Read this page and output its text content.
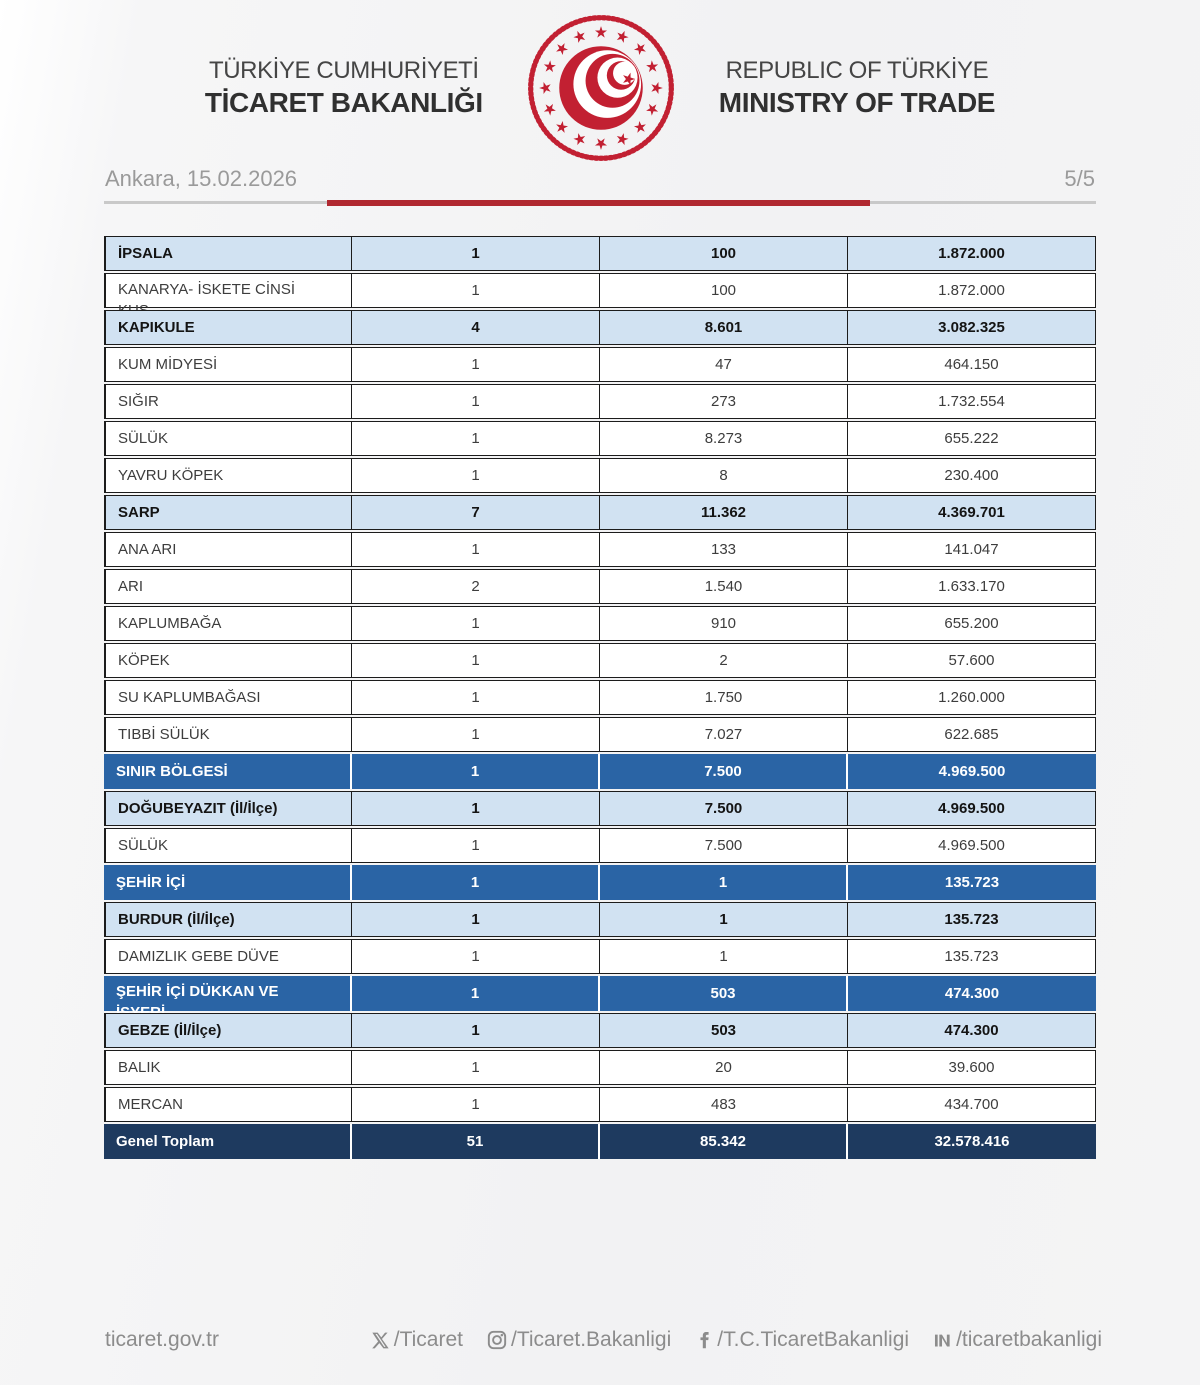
TÜRKİYE CUMHURİYETİ
TİCARET BAKANLIĞI
REPUBLIC OF TÜRKİYE
MINISTRY OF TRADE
Ankara, 15.02.2026	5/5
İPSALA	1	100	1.872.000
KANARYA- İSKETE CİNSİ	1	100	1.872.000
KAPIKULE	4	8.601	3.082.325
KUM MİDYESİ	1	47	464.150
SIĞIR	1	273	1.732.554
SÜLÜK	1	8.273	655.222
YAVRU KÖPEK	1	8	230.400
SARP	7	11.362	4.369.701
ANA ARI	1	133	141.047
ARI	2	1.540	1.633.170
KAPLUMBAĞA	1	910	655.200
KÖPEK	1	2	57.600
SU KAPLUMBAĞASI	1	1.750	1.260.000
TIBBİ SÜLÜK	1	7.027	622.685
SINIR BÖLGESİ	1	7.500	4.969.500
DOĞUBEYAZIT (İl/İlçe)	1	7.500	4.969.500
SÜLÜK	1	7.500	4.969.500
ŞEHİR İÇİ	1	1	135.723
BURDUR (İl/İlçe)	1	1	135.723
DAMIZLIK GEBE DÜVE	1	1	135.723
ŞEHİR İÇİ DÜKKAN VE	1	503	474.300
GEBZE (İl/İlçe)	1	503	474.300
BALIK	1	20	39.600
MERCAN	1	483	434.700
Genel Toplam	51	85.342	32.578.416
ticaret.gov.tr	/Ticaret /Ticaret.Bakanligi /T.C.TicaretBakanligi /ticaretbakanligi
